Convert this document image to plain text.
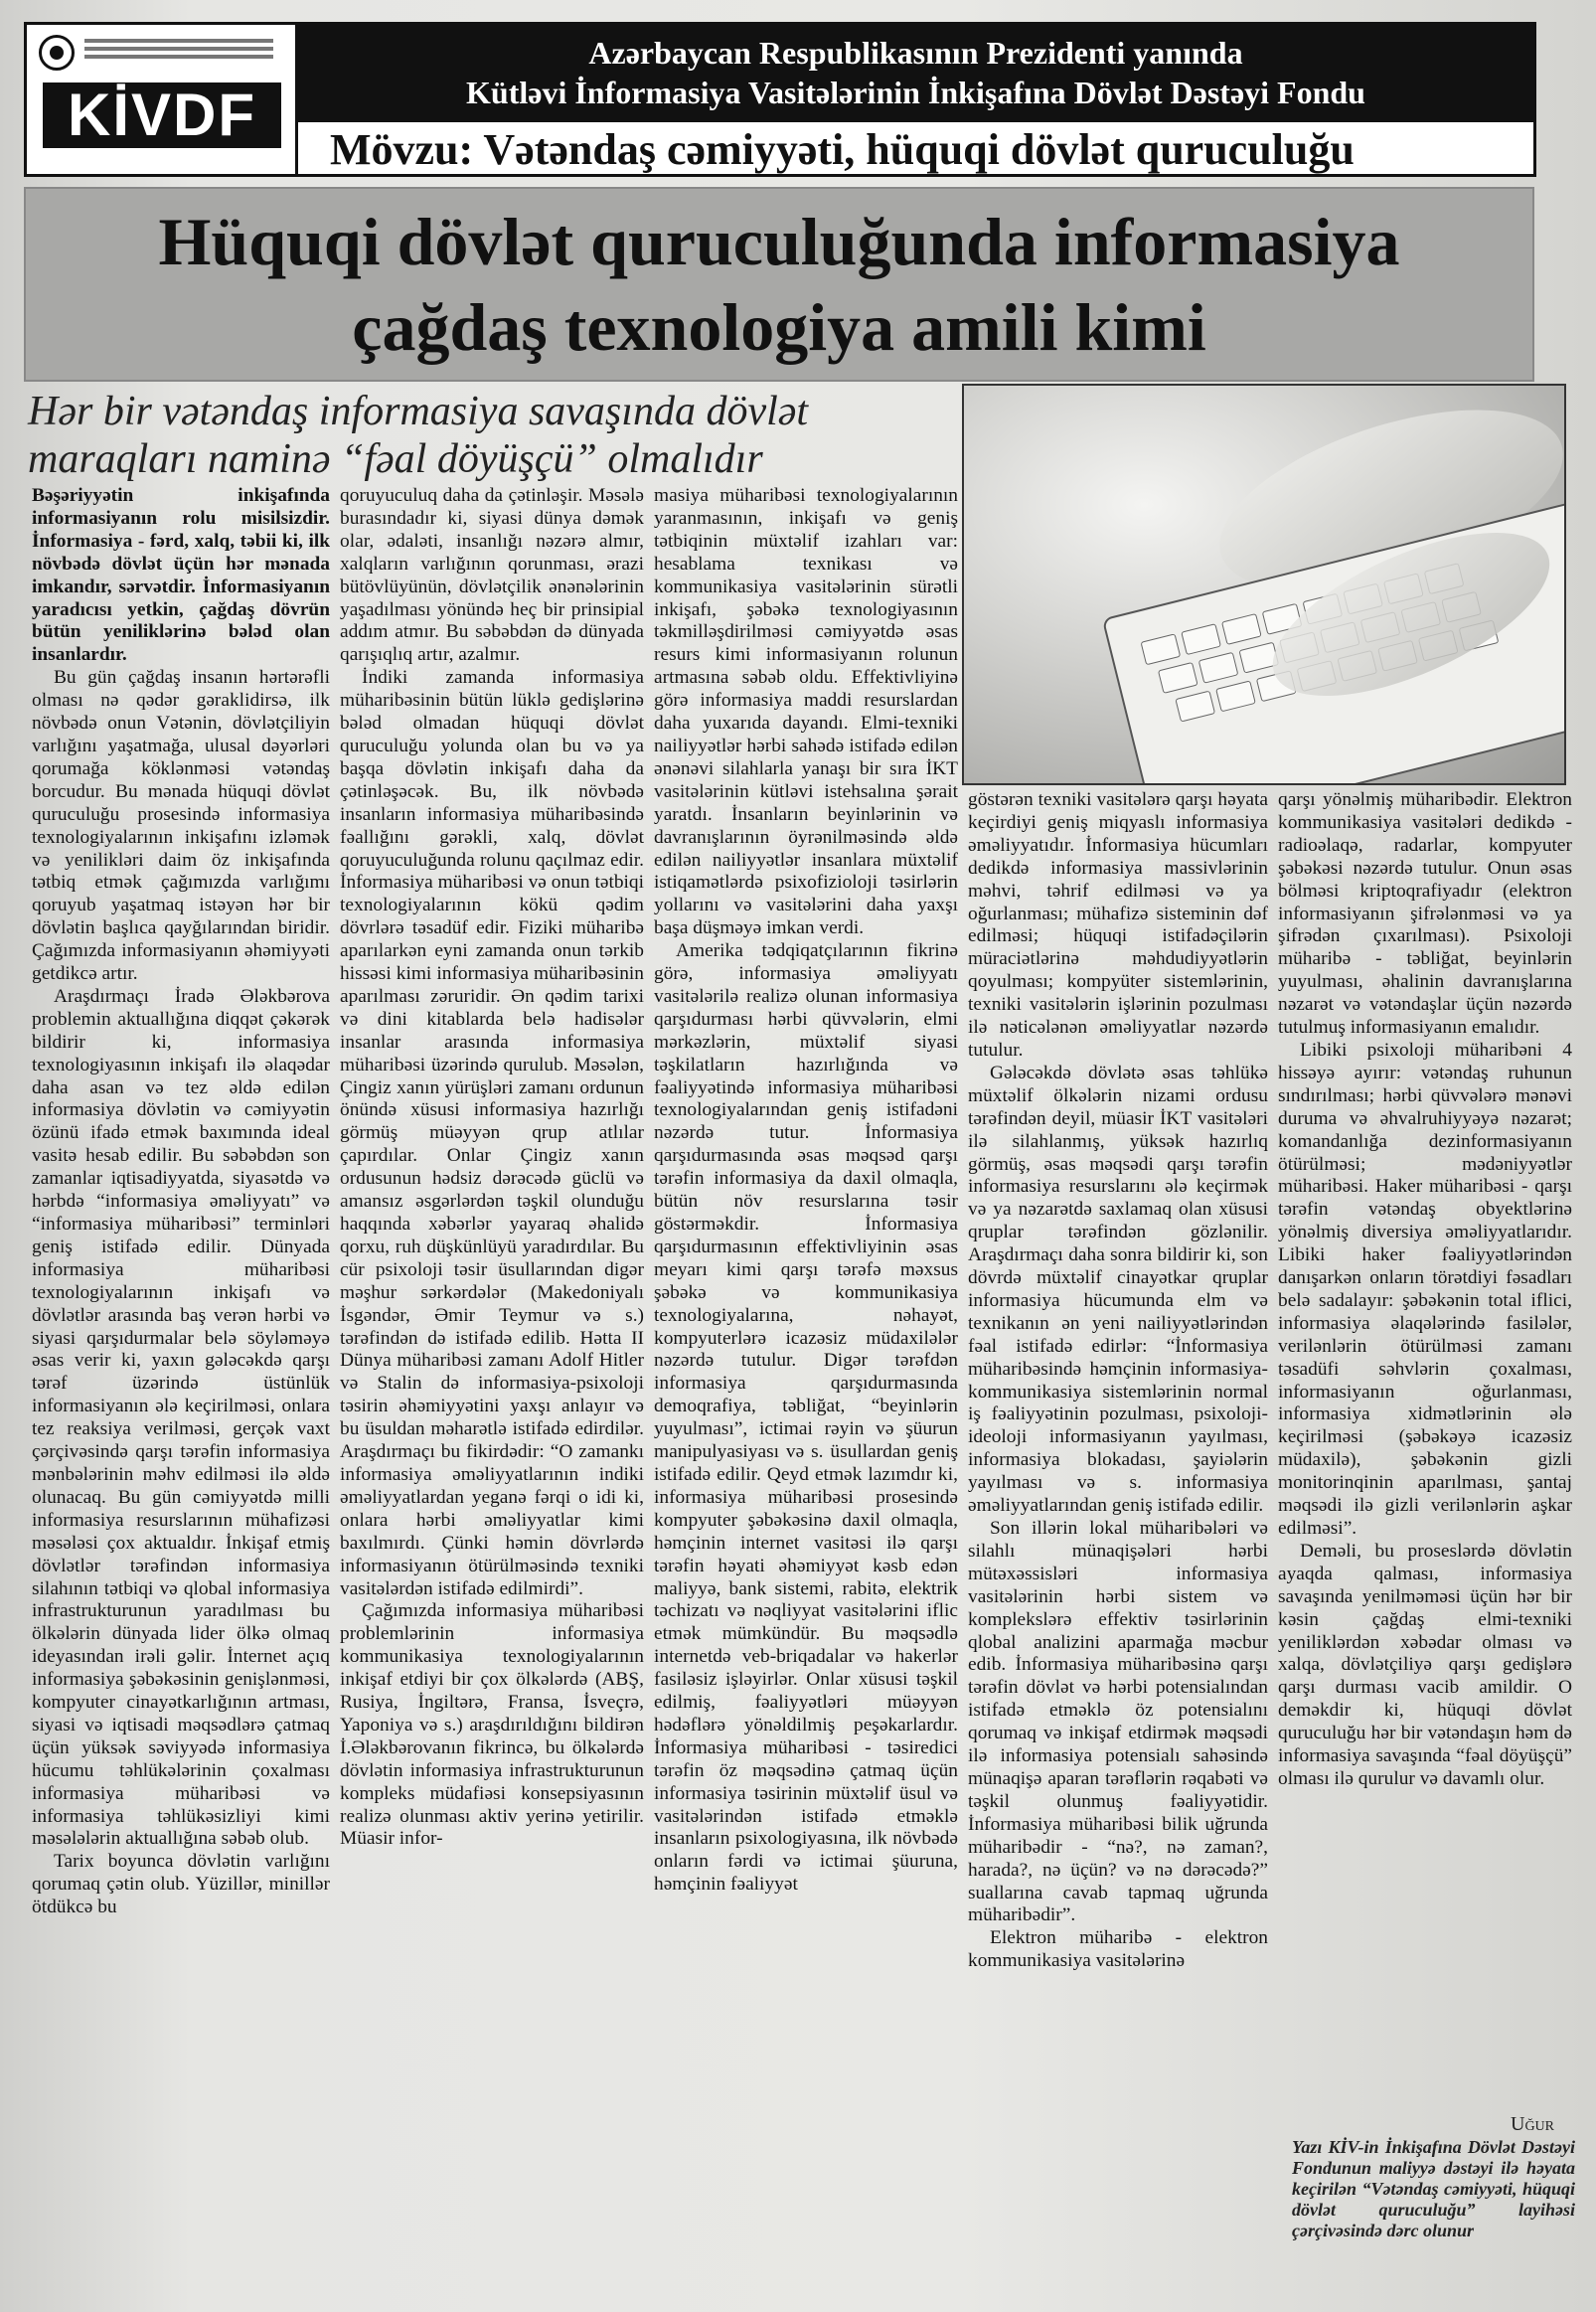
KİVDF
Azərbaycan Respublikasının Prezidenti yanında
Kütləvi İnformasiya Vasitələrinin İnkişafına Dövlət Dəstəyi Fondu
Mövzu: Vətəndaş cəmiyyəti, hüquqi dövlət quruculuğu
Hüquqi dövlət quruculuğunda informasiya
çağdaş texnologiya amili kimi
Hər bir vətəndaş informasiya savaşında dövlət maraqları naminə “fəal döyüşçü” olmalıdır

Bəşəriyyətin inkişafında informasiyanın rolu misilsizdir. İnformasiya - fərd, xalq, təbii ki, ilk növbədə dövlət üçün hər mənada imkandır, sərvətdir. İnformasiyanın yaradıcısı yetkin, çağdaş dövrün bütün yeniliklərinə bələd olan insanlardır.

Bu gün çağdaş insanın hərtərəfli olması nə qədər gəraklidirsə, ilk növbədə onun Vətənin, dövlətçiliyin varlığını yaşatmağa, ulusal dəyərləri qorumağa köklənməsi vətəndaş borcudur. Bu mənada hüquqi dövlət quruculuğu prosesində informasiya texnologiyalarının inkişafını izləmək və yenilikləri daim öz inkişafında tətbiq etmək çağımızda varlığımı qoruyub yaşatmaq istəyən hər bir dövlətin başlıca qayğılarından biridir. Çağımızda informasiyanın əhəmiyyəti getdikcə artır.

Araşdırmaçı İradə Ələkbərova problemin aktuallığına diqqət çəkərək bildirir ki, informasiya texnologiyasının inkişafı ilə əlaqədar daha asan və tez əldə edilən informasiya dövlətin və cəmiyyətin özünü ifadə etmək baxımında ideal vasitə hesab edilir. Bu səbəbdən son zamanlar iqtisadiyyatda, siyasətdə və hərbdə “informasiya əməliyyatı” və “informasiya müharibəsi” terminləri geniş istifadə edilir. Dünyada informasiya müharibəsi texnologiyalarının inkişafı və dövlətlər arasında baş verən hərbi və siyasi qarşıdurmalar belə söyləməyə əsas verir ki, yaxın gələcəkdə qarşı tərəf üzərində üstünlük informasiyanın ələ keçirilməsi, onlara tez reaksiya verilməsi, gerçək vaxt çərçivəsində qarşı tərəfin informasiya mənbələrinin məhv edilməsi ilə əldə olunacaq. Bu gün cəmiyyətdə milli informasiya resurslarının mühafizəsi məsələsi çox aktualdır. İnkişaf etmiş dövlətlər tərəfindən informasiya silahının tətbiqi və qlobal informasiya infrastrukturunun yaradılması bu ölkələrin dünyada lider ölkə olmaq ideyasından irəli gəlir. İnternet açıq informasiya şəbəkəsinin genişlənməsi, kompyuter cinayətkarlığının artması, siyasi və iqtisadi məqsədlərə çatmaq üçün yüksək səviyyədə informasiya hücumu təhlükələrinin çoxalması informasiya müharibəsi və informasiya təhlükəsizliyi kimi məsələlərin aktuallığına səbəb olub.

Tarix boyunca dövlətin varlığını qorumaq çətin olub. Yüzillər, minillər ötdükcə bu

qoruyuculuq daha da çətinləşir. Məsələ burasındadır ki, siyasi dünya dəmək olar, ədaləti, insanlığı nəzərə almır, xalqların varlığının qorunması, ərazi bütövlüyünün, dövlətçilik ənənələrinin yaşadılması yönündə heç bir prinsipial addım atmır. Bu səbəbdən də dünyada qarışıqlıq artır, azalmır.

İndiki zamanda informasiya müharibəsinin bütün lüklə gedişlərinə bələd olmadan hüquqi dövlət quruculuğu yolunda olan bu və ya başqa dövlətin inkişafı daha da çətinləşəcək. Bu, ilk növbədə insanların informasiya müharibəsində fəallığını gərəkli, xalq, dövlət qoruyuculuğunda rolunu qaçılmaz edir. İnformasiya müharibəsi və onun tətbiqi texnologiyalarının kökü qədim dövrlərə təsadüf edir. Fiziki müharibə aparılarkən eyni zamanda onun tərkib hissəsi kimi informasiya müharibəsinin aparılması zəruridir. Ən qədim tarixi və dini kitablarda belə hadisələr insanlar arasında informasiya müharibəsi üzərində qurulub. Məsələn, Çingiz xanın yürüşləri zamanı ordunun önündə xüsusi informasiya hazırlığı görmüş müəyyən qrup atlılar çapırdılar. Onlar Çingiz xanın ordusunun hədsiz dərəcədə güclü və amansız əsgərlərdən təşkil olunduğu haqqında xəbərlər yayaraq əhalidə qorxu, ruh düşkünlüyü yaradırdılar. Bu cür psixoloji təsir üsullarından digər məşhur sərkərdələr (Makedoniyalı İsgəndər, Əmir Teymur və s.) tərəfindən də istifadə edilib. Hətta II Dünya müharibəsi zamanı Adolf Hitler və Stalin də informasiya-psixoloji təsirin əhəmiyyətini yaxşı anlayır və bu üsuldan məharətlə istifadə edirdilər. Araşdırmaçı bu fikirdədir: “O zamankı informasiya əməliyyatlarının indiki əməliyyatlardan yeganə fərqi o idi ki, onlara hərbi əməliyyatlar kimi baxılmırdı. Çünki həmin dövrlərdə informasiyanın ötürülməsində texniki vasitələrdən istifadə edilmirdi”.

Çağımızda informasiya müharibəsi problemlərinin informasiya kommunikasiya texnologiyalarının inkişaf etdiyi bir çox ölkələrdə (ABŞ, Rusiya, İngiltərə, Fransa, İsveçrə, Yaponiya və s.) araşdırıldığını bildirən İ.Ələkbərovanın fikrincə, bu ölkələrdə dövlətin informasiya infrastrukturunun kompleks müdafiəsi konsepsiyasının realizə olunması aktiv yerinə yetirilir. Müasir infor-

masiya müharibəsi texnologiyalarının yaranmasının, inkişafı və geniş tətbiqinin müxtəlif izahları var: hesablama texnikası və kommunikasiya vasitələrinin sürətli inkişafı, şəbəkə texnologiyasının təkmilləşdirilməsi cəmiyyətdə əsas resurs kimi informasiyanın rolunun artmasına səbəb oldu. Effektivliyinə görə informasiya maddi resurslardan daha yuxarıda dayandı. Elmi-texniki nailiyyətlər hərbi sahədə istifadə edilən ənənəvi silahlarla yanaşı bir sıra İKT vasitələrinin kütləvi istehsalına şərait yaratdı. İnsanların beyinlərinin və davranışlarının öyrənilməsində əldə edilən nailiyyətlər insanlara müxtəlif istiqamətlərdə psixofizioloji təsirlərin yollarını və vasitələrini daha yaxşı başa düşməyə imkan verdi.

Amerika tədqiqatçılarının fikrinə görə, informasiya əməliyyatı vasitələrilə realizə olunan informasiya qarşıdurması hərbi qüvvələrin, elmi mərkəzlərin, müxtəlif siyasi təşkilatların hazırlığında və fəaliyyətində informasiya müharibəsi texnologiyalarından geniş istifadəni nəzərdə tutur. İnformasiya qarşıdurmasında əsas məqsəd qarşı tərəfin informasiya da daxil olmaqla, bütün növ resurslarına təsir göstərməkdir. İnformasiya qarşıdurmasının effektivliyinin əsas meyarı kimi qarşı tərəfə məxsus şəbəkə və kommunikasiya texnologiyalarına, nəhayət, kompyuterlərə icazəsiz müdaxilələr nəzərdə tutulur. Digər tərəfdən informasiya qarşıdurmasında demoqrafiya, təbliğat, “beyinlərin yuyulması”, ictimai rəyin və şüurun manipulyasiyası və s. üsullardan geniş istifadə edilir. Qeyd etmək lazımdır ki, informasiya müharibəsi prosesində kompyuter şəbəkəsinə daxil olmaqla, həmçinin internet vasitəsi ilə qarşı tərəfin həyati əhəmiyyət kəsb edən maliyyə, bank sistemi, rabitə, elektrik təchizatı və nəqliyyat vasitələrini iflic etmək mümkündür. Bu məqsədlə internetdə veb-briqadalar və hakerlər fasiləsiz işləyirlər. Onlar xüsusi təşkil edilmiş, fəaliyyətləri müəyyən hədəflərə yönəldilmiş peşəkarlardır. İnformasiya müharibəsi - təsiredici tərəfin öz məqsədinə çatmaq üçün informasiya təsirinin müxtəlif üsul və vasitələrindən istifadə etməklə insanların psixologiyasına, ilk növbədə onların fərdi və ictimai şüuruna, həmçinin fəaliyyət

göstərən texniki vasitələrə qarşı həyata keçirdiyi geniş miqyaslı informasiya əməliyyatıdır. İnformasiya hücumları dedikdə informasiya massivlərinin məhvi, təhrif edilməsi və ya oğurlanması; mühafizə sisteminin dəf edilməsi; hüquqi istifadəçilərin müraciətlərinə məhdudiyyətlərin qoyulması; kompyüter sistemlərinin, texniki vasitələrin işlərinin pozulması ilə nəticələnən əməliyyatlar nəzərdə tutulur.

Gələcəkdə dövlətə əsas təhlükə müxtəlif ölkələrin nizami ordusu tərəfindən deyil, müasir İKT vasitələri ilə silahlanmış, yüksək hazırlıq görmüş, əsas məqsədi qarşı tərəfin informasiya resurslarını ələ keçirmək və ya nəzarətdə saxlamaq olan xüsusi qruplar tərəfindən gözlənilir. Araşdırmaçı daha sonra bildirir ki, son dövrdə müxtəlif cinayətkar qruplar informasiya hücumunda elm və texnikanın ən yeni nailiyyətlərindən fəal istifadə edirlər: “İnformasiya müharibəsində həmçinin informasiya-kommunikasiya sistemlərinin normal iş fəaliyyətinin pozulması, psixoloji-ideoloji informasiyanın yayılması, informasiya blokadası, şayiələrin yayılması və s. informasiya əməliyyatlarından geniş istifadə edilir.

Son illərin lokal müharibələri və silahlı münaqişələri hərbi mütəxəssisləri informasiya vasitələrinin hərbi sistem və komplekslərə effektiv təsirlərinin qlobal analizini aparmağa məcbur edib. İnformasiya müharibəsinə qarşı tərəfin dövlət və hərbi potensialından istifadə etməklə öz potensialını qorumaq və inkişaf etdirmək məqsədi ilə informasiya potensialı sahəsində münaqişə aparan tərəflərin rəqabəti və təşkil olunmuş fəaliyyətidir. İnformasiya müharibəsi bilik uğrunda müharibədir - “nə?, nə zaman?, harada?, nə üçün? və nə dərəcədə?” suallarına cavab tapmaq uğrunda müharibədir”.

Elektron müharibə - elektron kommunikasiya vasitələrinə

qarşı yönəlmiş müharibədir. Elektron kommunikasiya vasitələri dedikdə - radioəlaqə, radarlar, kompyuter şəbəkəsi nəzərdə tutulur. Onun əsas bölməsi kriptoqrafiyadır (elektron informasiyanın şifrələnməsi və ya şifrədən çıxarılması). Psixoloji müharibə - təbliğat, beyinlərin yuyulması, əhalinin davranışlarına nəzarət və vətəndaşlar üçün nəzərdə tutulmuş informasiyanın emalıdır.

Libiki psixoloji müharibəni 4 hissəyə ayırır: vətəndaş ruhunun sındırılması; hərbi qüvvələrə mənəvi duruma və əhvalruhiyyəyə nəzarət; komandanlığa dezinformasiyanın ötürülməsi; mədəniyyətlər müharibəsi. Haker müharibəsi - qarşı tərəfin vətəndaş obyektlərinə yönəlmiş diversiya əməliyyatlarıdır. Libiki haker fəaliyyətlərindən danışarkən onların törətdiyi fəsadları belə sadalayır: şəbəkənin total iflici, informasiya əlaqələrində fasilələr, verilənlərin ötürülməsi zamanı təsadüfi səhvlərin çoxalması, informasiyanın oğurlanması, informasiya xidmətlərinin ələ keçirilməsi (şəbəkəyə icazəsiz müdaxilə), şəbəkənin gizli monitorinqinin aparılması, şantaj məqsədi ilə gizli verilənlərin aşkar edilməsi”.

Deməli, bu proseslərdə dövlətin ayaqda qalması, informasiya savaşında yenilməməsi üçün hər bir kəsin çağdaş elmi-texniki yeniliklərdən xəbədar olması və xalqa, dövlətçiliyə qarşı gedişlərə qarşı durması vacib amildir. O deməkdir ki, hüquqi dövlət quruculuğu hər bir vətəndaşın həm də informasiya savaşında “fəal döyüşçü” olması ilə qurulur və davamlı olur.

Uğur
Yazı KİV-in İnkişafına Dövlət Dəstəyi Fondunun maliyyə dəstəyi ilə həyata keçirilən “Vətəndaş cəmiyyəti, hüquqi dövlət quruculuğu” layihəsi çərçivəsində dərc olunur
